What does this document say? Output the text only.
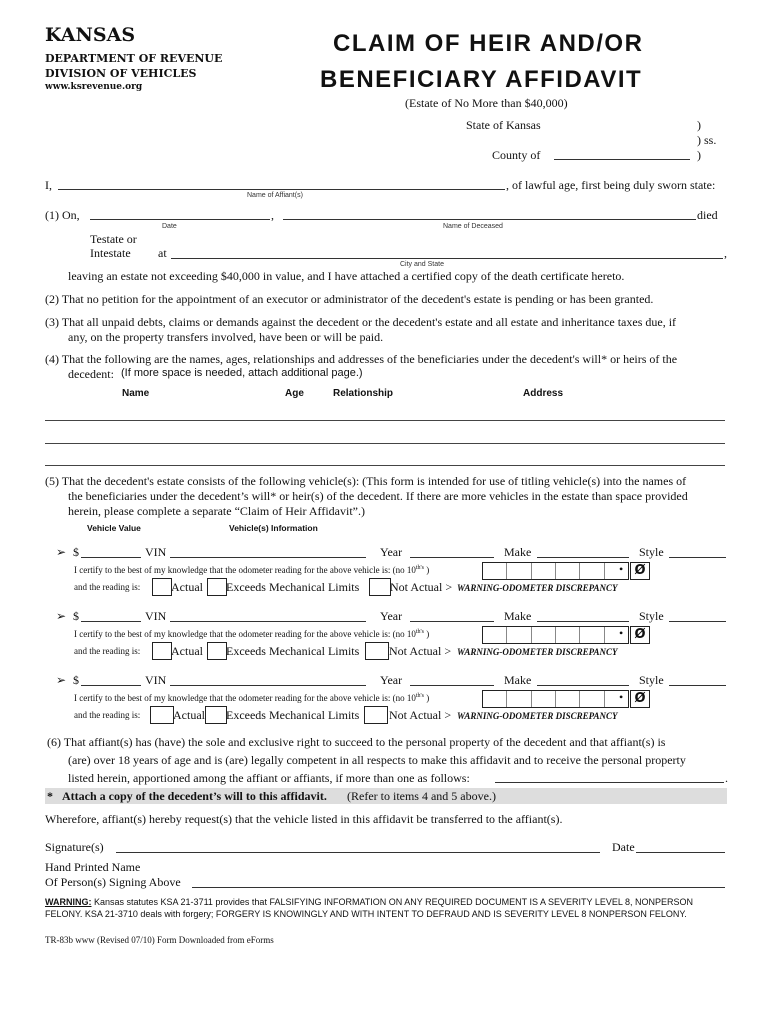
KANSAS
DEPARTMENT OF REVENUE
DIVISION OF VEHICLES
www.ksrevenue.org
CLAIM OF HEIR AND/OR
BENEFICIARY AFFIDAVIT
(Estate of No More than $40,000)
State of Kansas	)
) ss.
County of	)
I,	, of lawful age, first being duly sworn state:
Name of Affiant(s)
(1) On,	,	died
Date	Name of Deceased
Testate or
Intestate at	,
City and State
leaving an estate not exceeding $40,000 in value, and I have attached a certified copy of the death certificate hereto.
(2) That no petition for the appointment of an executor or administrator of the decedent's estate is pending or has been granted.
(3) That all unpaid debts, claims or demands against the decedent or the decedent's estate and all estate and inheritance taxes due, if
any, on the property transfers involved, have been or will be paid.
(4) That the following are the names, ages, relationships and addresses of the beneficiaries under the decedent's will* or heirs of the
decedent: (If more space is needed, attach additional page.)
Name	Age	Relationship	Address
(5) That the decedent's estate consists of the following vehicle(s): (This form is intended for use of titling vehicle(s) into the names of
the beneficiaries under the decedent’s will* or heir(s) of the decedent. If there are more vehicles in the estate than space provided
herein, please complete a separate “Claim of Heir Affidavit”.)
Vehicle Value	Vehicle(s) Information
➢ $	VIN	Year	Make	Style
I certify to the best of my knowledge that the odometer reading for the above vehicle is: (no $10^{th's}$ )	• Ø
and the reading is:	Actual Exceeds Mechanical Limits	Not Actual > WARNING-ODOMETER DISCREPANCY
➢ $	VIN	Year	Make	Style
I certify to the best of my knowledge that the odometer reading for the above vehicle is: (no $10^{th's}$ )	• Ø
and the reading is:	Actual Exceeds Mechanical Limits Not Actual > WARNING-ODOMETER DISCREPANCY
➢ $	VIN	Year	Make	Style
I certify to the best of my knowledge that the odometer reading for the above vehicle is: (no $10^{th's}$ )	• Ø
and the reading is:	Actual Exceeds Mechanical Limits Not Actual > WARNING-ODOMETER DISCREPANCY
(6) That affiant(s) has (have) the sole and exclusive right to succeed to the personal property of the decedent and that affiant(s) is
(are) over 18 years of age and is (are) legally competent in all respects to make this affidavit and to receive the personal property
listed herein, apportioned among the affiant or affiants, if more than one as follows:	.
* Attach a copy of the decedent’s will to this affidavit. (Refer to items 4 and 5 above.)
Wherefore, affiant(s) hereby request(s) that the vehicle listed in this affidavit be transferred to the affiant(s).
Signature(s)	Date
Hand Printed Name
Of Person(s) Signing Above
WARNING: Kansas statutes KSA 21-3711 provides that FALSIFYING INFORMATION ON ANY REQUIRED DOCUMENT IS A SEVERITY LEVEL 8, NONPERSON
FELONY. KSA 21-3710 deals with forgery; FORGERY IS KNOWINGLY AND WITH INTENT TO DEFRAUD AND IS SEVERITY LEVEL 8 NONPERSON FELONY.
TR-83b www (Revised 07/10) Form Downloaded from eForms
